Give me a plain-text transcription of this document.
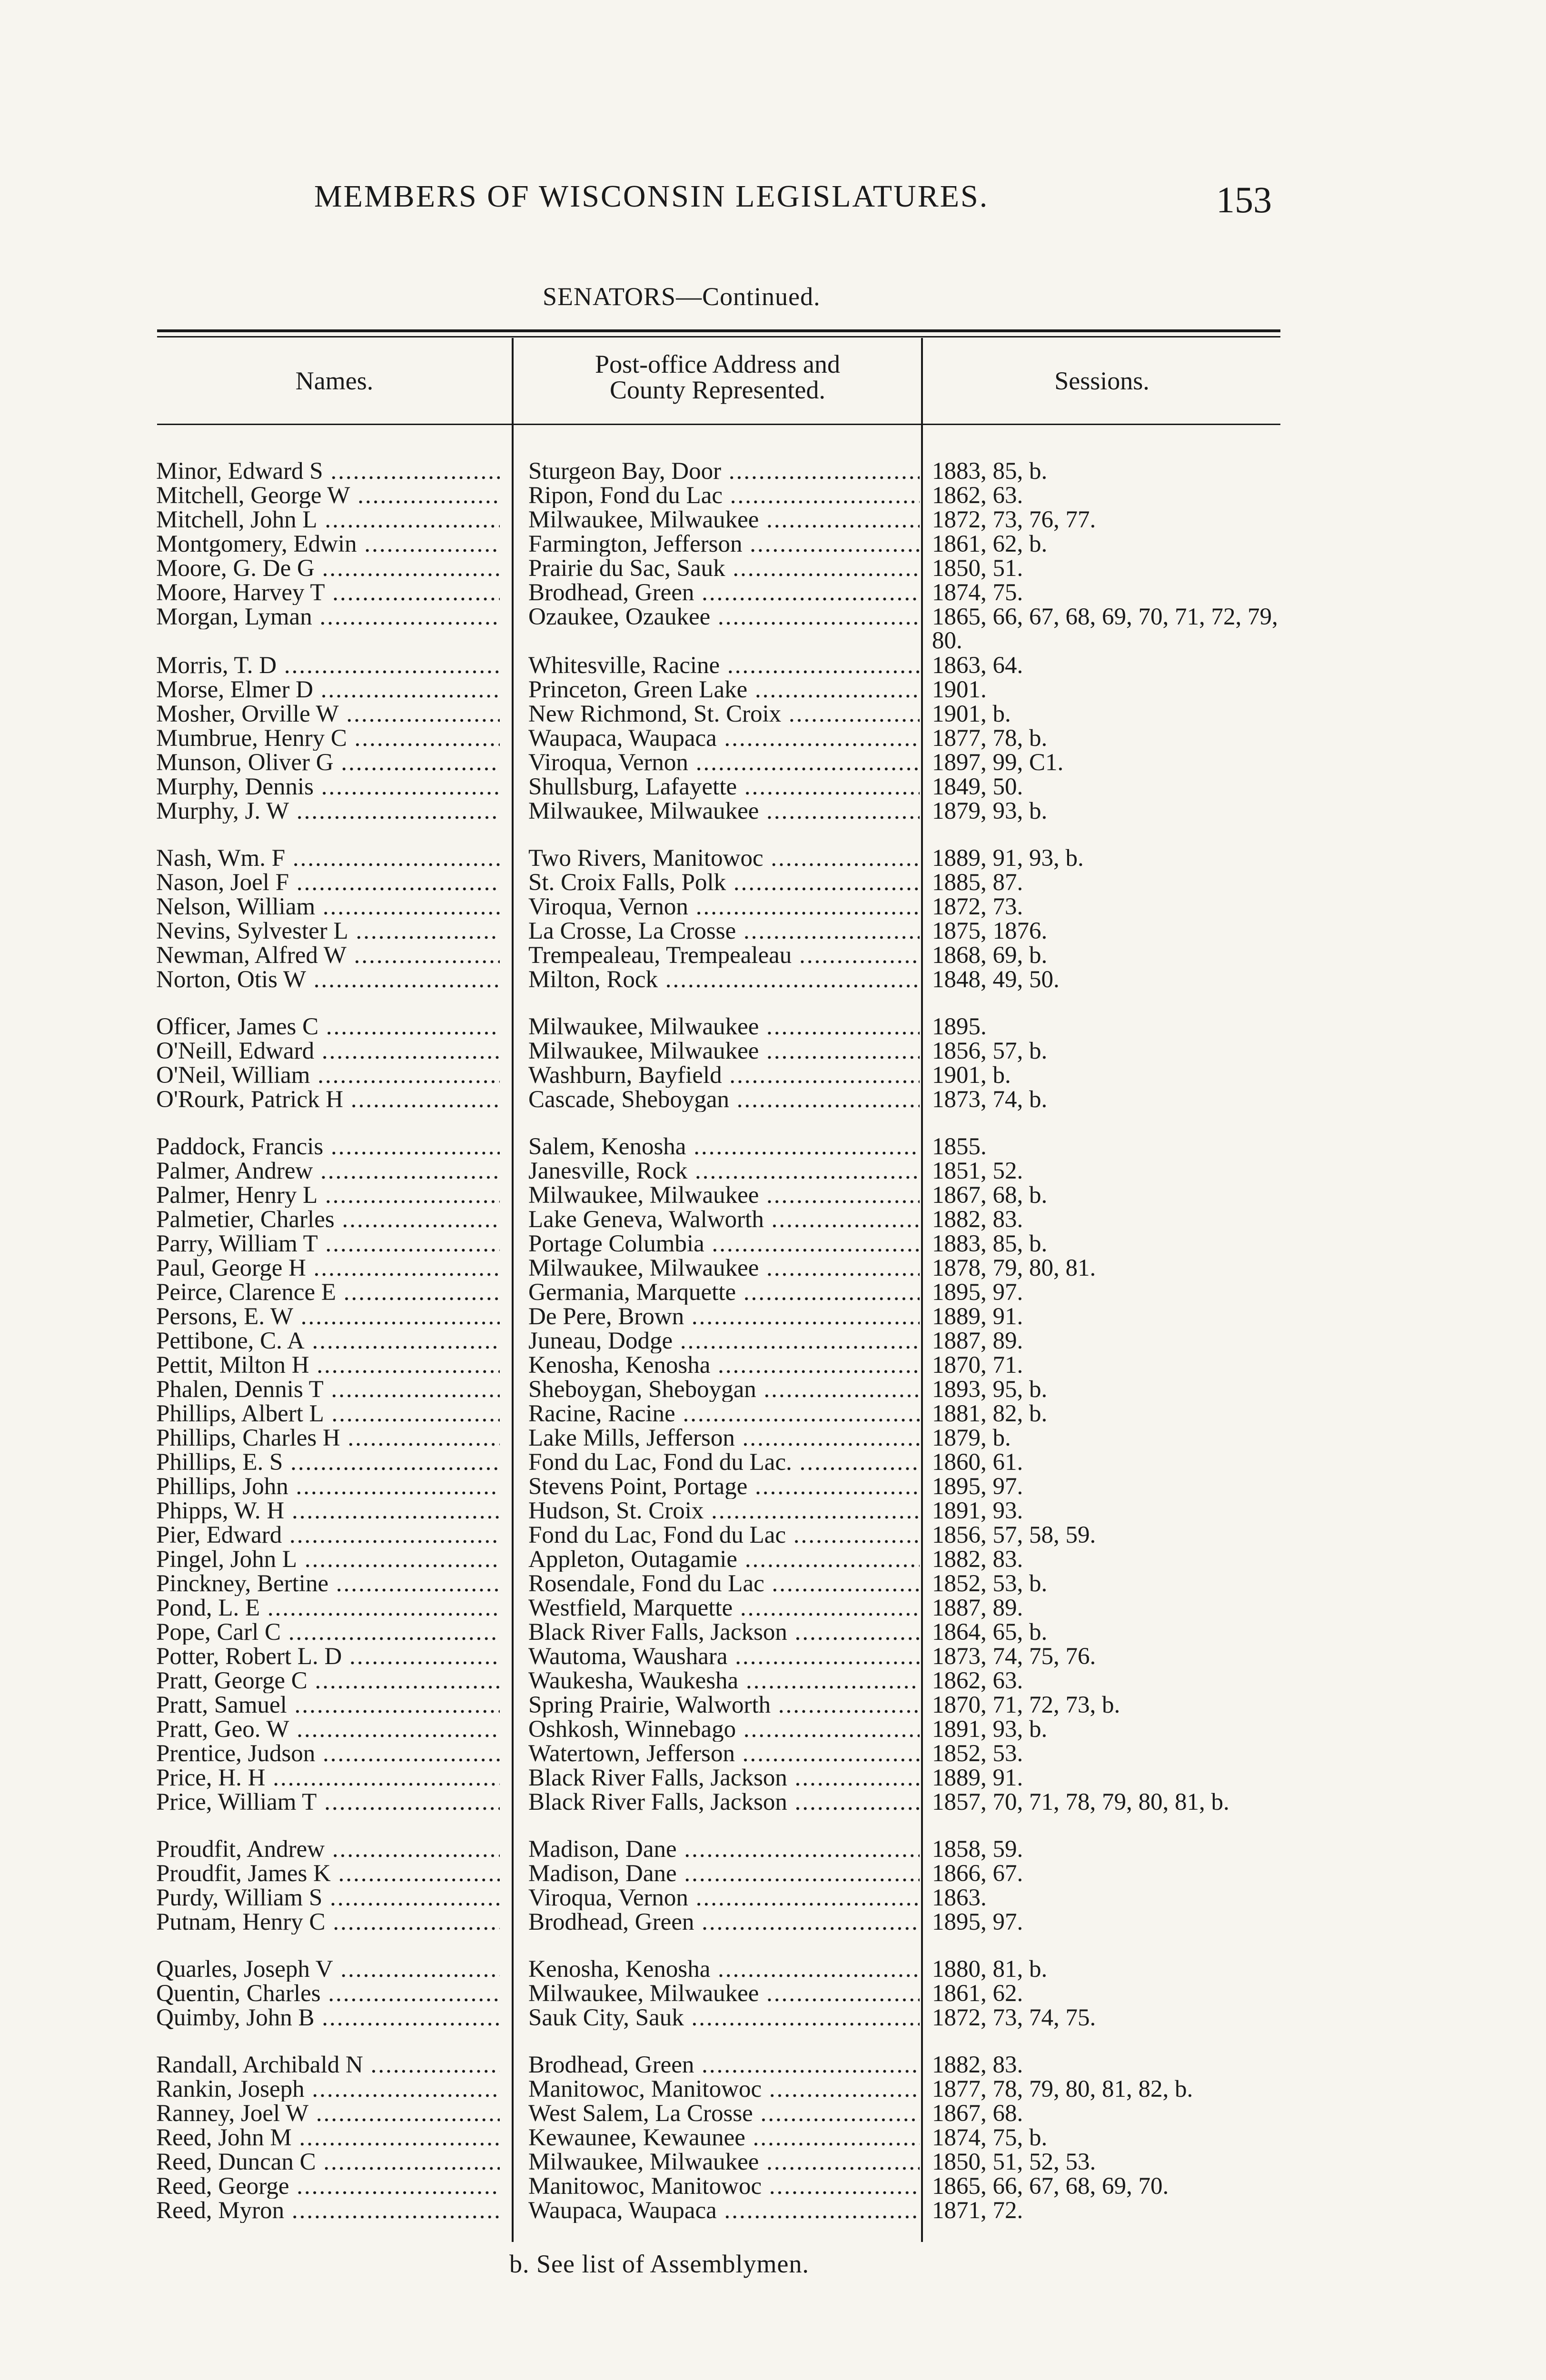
MEMBERS OF WISCONSIN LEGISLATURES.	153
SENATORS—Continued.
Names.
Post-office Address and
County Represented.	Sessions.
Minor, Edward S .....	Sturgeon Bay, Door .....	1883, 85, b.
Mitchell, George W .....	Ripon, Fond du Lac .....	1862, 63.
Mitchell, John L .....	Milwaukee, Milwaukee .....	1872, 73, 76, 77.
Montgomery, Edwin .....	Farmington, Jefferson .....	1861, 62, b.
Moore, G. De G .....	Prairie du Sac, Sauk .....	1850, 51.
Moore, Harvey T .....	Brodhead, Green .....	1874, 75.
Morgan, Lyman .....	Ozaukee, Ozaukee .....	1865, 66, 67, 68, 69, 70, 71, 72, 79, 80.
Morris, T. D .....	Whitesville, Racine .....	1863, 64.
Morse, Elmer D .....	Princeton, Green Lake .....	1901.
Mosher, Orville W .....	New Richmond, St. Croix .....	1901, b.
Mumbrue, Henry C .....	Waupaca, Waupaca .....	1877, 78, b.
Munson, Oliver G .....	Viroqua, Vernon .....	1897, 99, C1.
Murphy, Dennis .....	Shullsburg, Lafayette .....	1849, 50.
Murphy, J. W .....	Milwaukee, Milwaukee .....	1879, 93, b.
Nash, Wm. F .....	Two Rivers, Manitowoc .....	1889, 91, 93, b.
Nason, Joel F .....	St. Croix Falls, Polk .....	1885, 87.
Nelson, William .....	Viroqua, Vernon .....	1872, 73.
Nevins, Sylvester L .....	La Crosse, La Crosse .....	1875, 1876.
Newman, Alfred W .....	Trempealeau, Trempealeau .....	1868, 69, b.
Norton, Otis W .....	Milton, Rock .....	1848, 49, 50.
Officer, James C .....	Milwaukee, Milwaukee .....	1895.
O'Neill, Edward .....	Milwaukee, Milwaukee .....	1856, 57, b.
O'Neil, William .....	Washburn, Bayfield .....	1901, b.
O'Rourk, Patrick H .....	Cascade, Sheboygan .....	1873, 74, b.
Paddock, Francis .....	Salem, Kenosha .....	1855.
Palmer, Andrew .....	Janesville, Rock .....	1851, 52.
Palmer, Henry L .....	Milwaukee, Milwaukee .....	1867, 68, b.
Palmetier, Charles .....	Lake Geneva, Walworth .....	1882, 83.
Parry, William T .....	Portage Columbia .....	1883, 85, b.
Paul, George H .....	Milwaukee, Milwaukee .....	1878, 79, 80, 81.
Peirce, Clarence E .....	Germania, Marquette .....	1895, 97.
Persons, E. W .....	De Pere, Brown .....	1889, 91.
Pettibone, C. A .....	Juneau, Dodge .....	1887, 89.
Pettit, Milton H .....	Kenosha, Kenosha .....	1870, 71.
Phalen, Dennis T .....	Sheboygan, Sheboygan .....	1893, 95, b.
Phillips, Albert L .....	Racine, Racine .....	1881, 82, b.
Phillips, Charles H .....	Lake Mills, Jefferson .....	1879, b.
Phillips, E. S .....	Fond du Lac, Fond du Lac. .....	1860, 61.
Phillips, John .....	Stevens Point, Portage .....	1895, 97.
Phipps, W. H .....	Hudson, St. Croix .....	1891, 93.
Pier, Edward .....	Fond du Lac, Fond du Lac .....	1856, 57, 58, 59.
Pingel, John L .....	Appleton, Outagamie .....	1882, 83.
Pinckney, Bertine .....	Rosendale, Fond du Lac .....	1852, 53, b.
Pond, L. E .....	Westfield, Marquette .....	1887, 89.
Pope, Carl C .....	Black River Falls, Jackson .....	1864, 65, b.
Potter, Robert L. D .....	Wautoma, Waushara .....	1873, 74, 75, 76.
Pratt, George C .....	Waukesha, Waukesha .....	1862, 63.
Pratt, Samuel .....	Spring Prairie, Walworth .....	1870, 71, 72, 73, b.
Pratt, Geo. W .....	Oshkosh, Winnebago .....	1891, 93, b.
Prentice, Judson .....	Watertown, Jefferson .....	1852, 53.
Price, H. H .....	Black River Falls, Jackson .....	1889, 91.
Price, William T .....	Black River Falls, Jackson .....	1857, 70, 71, 78, 79, 80, 81, b.
Proudfit, Andrew .....	Madison, Dane .....	1858, 59.
Proudfit, James K .....	Madison, Dane .....	1866, 67.
Purdy, William S .....	Viroqua, Vernon .....	1863.
Putnam, Henry C .....	Brodhead, Green .....	1895, 97.
Quarles, Joseph V .....	Kenosha, Kenosha .....	1880, 81, b.
Quentin, Charles .....	Milwaukee, Milwaukee .....	1861, 62.
Quimby, John B .....	Sauk City, Sauk .....	1872, 73, 74, 75.
Randall, Archibald N .....	Brodhead, Green .....	1882, 83.
Rankin, Joseph .....	Manitowoc, Manitowoc .....	1877, 78, 79, 80, 81, 82, b.
Ranney, Joel W .....	West Salem, La Crosse .....	1867, 68.
Reed, John M .....	Kewaunee, Kewaunee .....	1874, 75, b.
Reed, Duncan C .....	Milwaukee, Milwaukee .....	1850, 51, 52, 53.
Reed, George .....	Manitowoc, Manitowoc .....	1865, 66, 67, 68, 69, 70.
Reed, Myron .....	Waupaca, Waupaca .....	1871, 72.
b. See list of Assemblymen.
